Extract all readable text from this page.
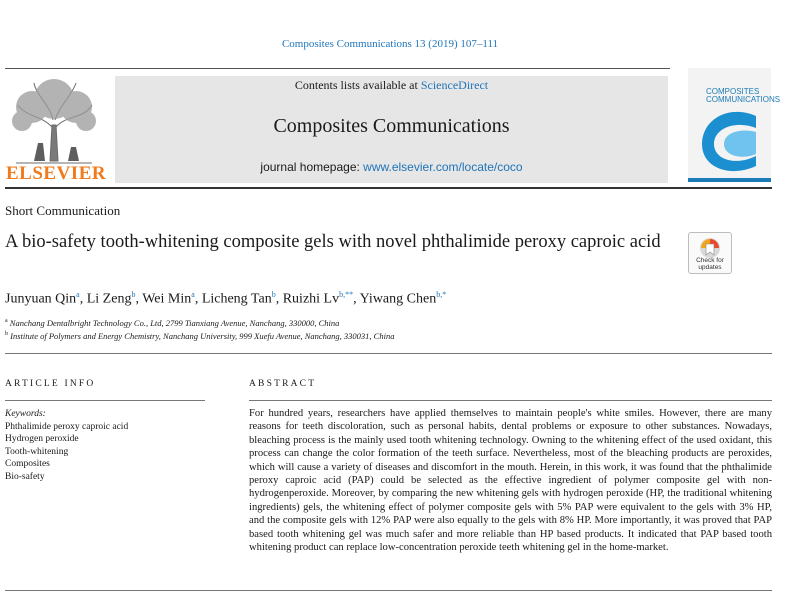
Composites Communications 13 (2019) 107–111
ELSEVIER
Contents lists available at ScienceDirect
Composites Communications
journal homepage: www.elsevier.com/locate/coco
COMPOSITES
COMMUNICATIONS
Short Communication
A bio-safety tooth-whitening composite gels with novel phthalimide peroxy caproic acid
Check for
updates
Junyuan Qin$^a$, Li Zeng$^b$, Wei Min$^a$, Licheng Tan$^b$, Ruizhi $Lv^{b,**}$, Yiwang Chen$^{b,*}$
$^a$ Nanchang Dentalbright Technology Co., Ltd, 2799 Tianxiang Avenue, Nanchang, 330000, China
$^b$ Institute of Polymers and Energy Chemistry, Nanchang University, 999 Xuefu Avenue, Nanchang, 330031, China
ARTICLE INFO	ABSTRACT
Keywords:
Phthalimide peroxy caproic acid
Hydrogen peroxide
Tooth-whitening
Composites
Bio-safety
For hundred years, researchers have applied themselves to maintain people's white smiles. However, there are many reasons for teeth discoloration, such as personal habits, dental problems or exposure to other substances. Nowadays, bleaching process is the mainly used tooth whitening technology. Owning to the whitening effect of the used oxidant, this process can change the color formation of the teeth surface. Nevertheless, most of the bleaching products are peroxides, which will cause a variety of diseases and discomfort in the mouth. Herein, in this work, it was found that the phthalimide peroxy caproic acid (PAP) could be selected as the effective ingredient of polymer composite gel with non-hydrogenperoxide. Moreover, by comparing the new whitening gels with hydrogen peroxide (HP, the traditional whitening ingredients) gels, the whitening effect of polymer composite gels with 5% PAP were equivalent to the gels with 3% HP, and the composite gels with 12% PAP were also equally to the gels with 8% HP. More importantly, it was proved that PAP based tooth whitening gel was much safer and more reliable than HP based products. It indicated that PAP based tooth whitening product can replace low-concentration peroxide teeth whitening gel in the home-market.
